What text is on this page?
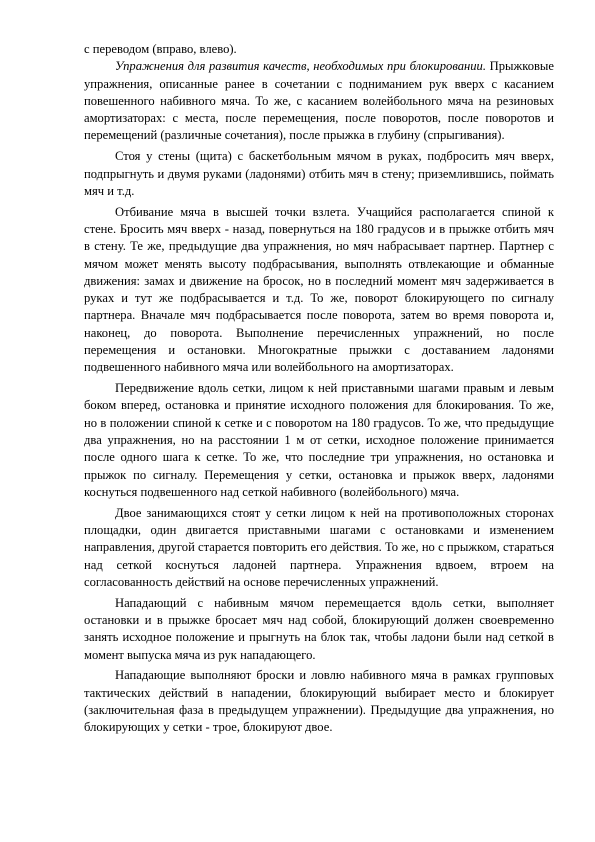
с переводом (вправо, влево).

Упражнения для развития качеств, необходимых при блокировании. Прыжковые упражнения, описанные ранее в сочетании с подниманием рук вверх с касанием повешенного набивного мяча. То же, с касанием волейбольного мяча на резиновых амортизаторах: с места, после перемещения, после поворотов, после поворотов и перемещений (различные сочетания), после прыжка в глубину (спрыгивания).

Стоя у стены (щита) с баскетбольным мячом в руках, подбросить мяч вверх, подпрыгнуть и двумя руками (ладонями) отбить мяч в стену; приземлившись, поймать мяч и т.д.

Отбивание мяча в высшей точки взлета. Учащийся располагается спиной к стене. Бросить мяч вверх - назад, повернуться на 180 градусов и в прыжке отбить мяч в стену. Те же, предыдущие два упражнения, но мяч набрасывает партнер. Партнер с мячом может менять высоту подбрасывания, выполнять отвлекающие и обманные движения: замах и движение на бросок, но в последний момент мяч задерживается в руках и тут же подбрасывается и т.д. То же, поворот блокирующего по сигналу партнера. Вначале мяч подбрасывается после поворота, затем во время поворота и, наконец, до поворота. Выполнение перечисленных упражнений, но после перемещения и остановки. Многократные прыжки с доставанием ладонями подвешенного набивного мяча или волейбольного на амортизаторах.

Передвижение вдоль сетки, лицом к ней приставными шагами правым и левым боком вперед, остановка и принятие исходного положения для блокирования. То же, но в положении спиной к сетке и с поворотом на 180 градусов. То же, что предыдущие два упражнения, но на расстоянии 1 м от сетки, исходное положение принимается после одного шага к сетке. То же, что последние три упражнения, но остановка и прыжок по сигналу. Перемещения у сетки, остановка и прыжок вверх, ладонями коснуться подвешенного над сеткой набивного (волейбольного) мяча.

Двое занимающихся стоят у сетки лицом к ней на противоположных сторонах площадки, один двигается приставными шагами с остановками и изменением направления, другой старается повторить его действия. То же, но с прыжком, стараться над сеткой коснуться ладоней партнера. Упражнения вдвоем, втроем на согласованность действий на основе перечисленных упражнений.

Нападающий с набивным мячом перемещается вдоль сетки, выполняет остановки и в прыжке бросает мяч над собой, блокирующий должен своевременно занять исходное положение и прыгнуть на блок так, чтобы ладони были над сеткой в момент выпуска мяча из рук нападающего.

Нападающие выполняют броски и ловлю набивного мяча в рамках групповых тактических действий в нападении, блокирующий выбирает место и блокирует (заключительная фаза в предыдущем упражнении). Предыдущие два упражнения, но блокирующих у сетки - трое, блокируют двое.
